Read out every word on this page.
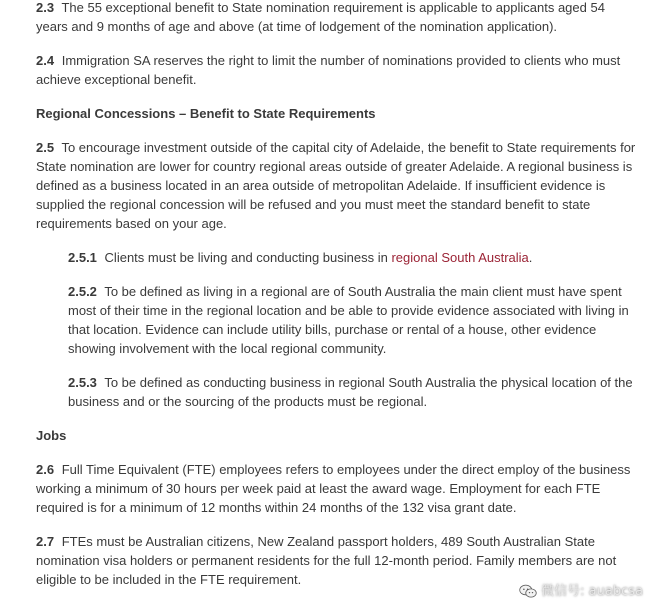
2.3 The 55 exceptional benefit to State nomination requirement is applicable to applicants aged 54 years and 9 months of age and above (at time of lodgement of the nomination application).

2.4 Immigration SA reserves the right to limit the number of nominations provided to clients who must achieve exceptional benefit.

Regional Concessions – Benefit to State Requirements

2.5 To encourage investment outside of the capital city of Adelaide, the benefit to State requirements for State nomination are lower for country regional areas outside of greater Adelaide. A regional business is defined as a business located in an area outside of metropolitan Adelaide. If insufficient evidence is supplied the regional concession will be refused and you must meet the standard benefit to state requirements based on your age.

2.5.1 Clients must be living and conducting business in regional South Australia.

2.5.2 To be defined as living in a regional are of South Australia the main client must have spent most of their time in the regional location and be able to provide evidence associated with living in that location. Evidence can include utility bills, purchase or rental of a house, other evidence showing involvement with the local regional community.

2.5.3 To be defined as conducting business in regional South Australia the physical location of the business and or the sourcing of the products must be regional.

Jobs

2.6 Full Time Equivalent (FTE) employees refers to employees under the direct employ of the business working a minimum of 30 hours per week paid at least the award wage. Employment for each FTE required is for a minimum of 12 months within 24 months of the 132 visa grant date.

2.7 FTEs must be Australian citizens, New Zealand passport holders, 489 South Australian State nomination visa holders or permanent residents for the full 12-month period. Family members are not eligible to be included in the FTE requirement.

微信号: auabcsa
